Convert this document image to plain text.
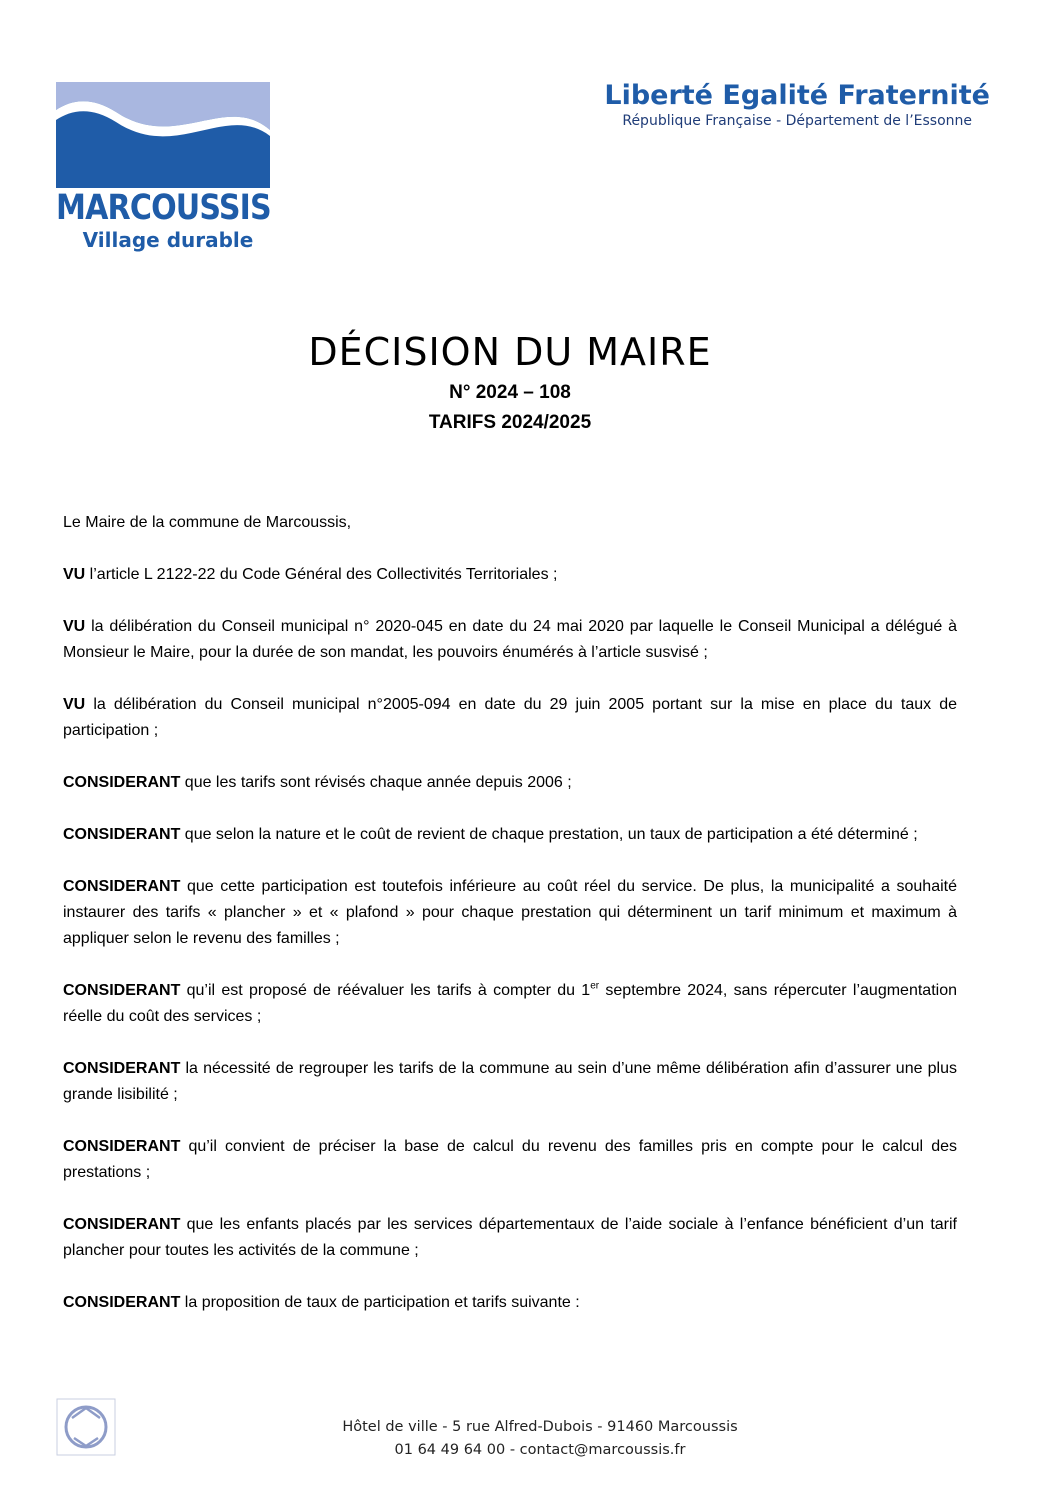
MARCOUSSIS
Village durable
Liberté Egalité Fraternité
République Française - Département de l’Essonne
DÉCISION DU MAIRE
N° 2024 – 108
TARIFS 2024/2025

Le Maire de la commune de Marcoussis,

VU l’article L 2122-22 du Code Général des Collectivités Territoriales ;

VU la délibération du Conseil municipal n° 2020-045 en date du 24 mai 2020 par laquelle le Conseil Municipal a délégué à Monsieur le Maire, pour la durée de son mandat, les pouvoirs énumérés à l’article susvisé ;

VU la délibération du Conseil municipal n°2005-094 en date du 29 juin 2005 portant sur la mise en place du taux de participation ;

CONSIDERANT que les tarifs sont révisés chaque année depuis 2006 ;

CONSIDERANT que selon la nature et le coût de revient de chaque prestation, un taux de participation a été déterminé ;

CONSIDERANT que cette participation est toutefois inférieure au coût réel du service. De plus, la municipalité a souhaité instaurer des tarifs « plancher » et « plafond » pour chaque prestation qui déterminent un tarif minimum et maximum à appliquer selon le revenu des familles ;

CONSIDERANT qu’il est proposé de réévaluer les tarifs à compter du 1er septembre 2024, sans répercuter l’augmentation réelle du coût des services ;

CONSIDERANT la nécessité de regrouper les tarifs de la commune au sein d’une même délibération afin d’assurer une plus grande lisibilité ;

CONSIDERANT qu’il convient de préciser la base de calcul du revenu des familles pris en compte pour le calcul des prestations ;

CONSIDERANT que les enfants placés par les services départementaux de l’aide sociale à l’enfance bénéficient d’un tarif plancher pour toutes les activités de la commune ;

CONSIDERANT la proposition de taux de participation et tarifs suivante :

Hôtel de ville - 5 rue Alfred-Dubois - 91460 Marcoussis
01 64 49 64 00 - contact@marcoussis.fr
